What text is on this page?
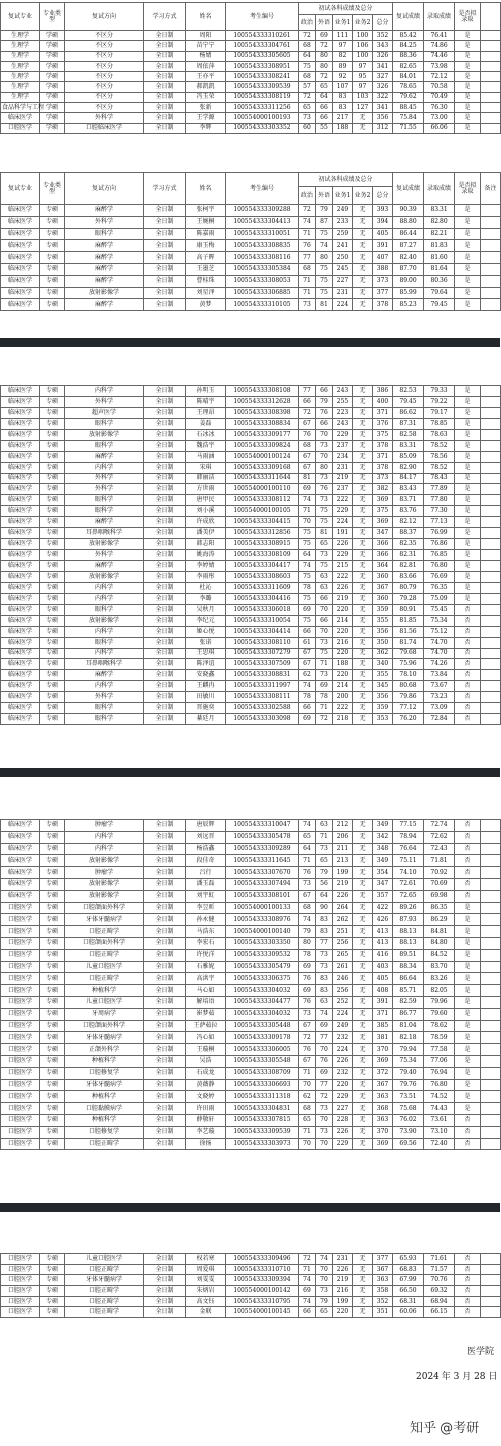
复试专业	专业类型	复试方向	学习方式	姓名	考生编号	初试各科成绩及总分					复试成绩	录取成绩	是否拟录取	
						政治	外语	业务1	业务2	总分				
生理学	学硕	不区分	全日制	周阳	100554333310261	72	69	111	100	352	85.42	76.41	是	
生理学	学硕	不区分	全日制	苗宁宁	100554333304761	68	72	97	106	343	84.25	74.86	是	
生理学	学硕	不区分	全日制	杨婧	100554333305605	64	80	82	100	326	88.36	74.46	是	
生理学	学硕	不区分	全日制	周依萍	100554333308951	75	80	89	97	341	82.65	73.98	是	
生理学	学硕	不区分	全日制	王亦平	100554333308241	68	72	92	95	327	84.01	72.12	是	
生理学	学硕	不区分	全日制	郝凯凯	100554333309539	57	65	107	97	326	78.65	70.58	是	
生理学	学硕	不区分	全日制	冯玉荣	100554333308119	72	64	83	103	322	79.62	70.49	是	
食品科学与工程	学硕	不区分	全日制	张新	100554333311256	65	66	83	127	341	88.45	76.30	是	
临床医学	学硕	外科学	全日制	王学源	100554000100193	73	66	217	无	356	75.84	73.00	是	
口腔医学	学硕	口腔临床医学	全日制	李辉	100554333303352	60	55	188	无	312	71.55	66.06	是	
复试专业	专业类型	复试方向	学习方式	姓名	考生编号	初试各科成绩及总分					复试成绩	录取成绩	是否拟录取	备注
						政治	外语	业务1	业务2	总分				
临床医学	专硕	麻醉学	全日制	张柯宇	100554333309288	72	79	249	无	393	90.39	83.31	是	
临床医学	专硕	外科学	全日制	王婉桐	100554333304413	74	87	233	无	394	88.80	82.80	是	
临床医学	专硕	眼科学	全日制	陈嘉雨	100554333310051	71	75	259	无	405	86.44	82.21	是	
临床医学	专硕	麻醉学	全日制	康玉梅	100554333308835	76	74	241	无	391	87.27	81.83	是	
临床医学	专硕	麻醉学	全日制	高子晖	100554333308116	77	80	250	无	407	82.40	81.60	是	
临床医学	专硕	麻醉学	全日制	王墨芝	100554333305384	68	75	245	无	388	87.70	81.64	是	
临床医学	专硕	麻醉学	全日制	曹桂珠	100554333308053	71	75	227	无	373	89.00	80.36	是	
临床医学	专硕	放射影像学	全日制	刘星泽	100554333306885	71	75	231	无	377	85.99	79.64	是	
临床医学	专硕	麻醉学	全日制	黄梦	100554333310105	73	81	224	无	378	85.23	79.45	是	
临床医学	专硕	内科学	全日制	孙明玉	100554333308108	77	66	243	无	386	82.53	79.33	是	
临床医学	专硕	外科学	全日制	陈晴宇	100554333312628	66	79	255	无	400	79.45	79.22	是	
临床医学	专硕	超声医学	全日制	王理昂	100554333308398	72	76	223	无	371	86.62	79.17	是	
临床医学	专硕	眼科学	全日制	姜磊	100554333308834	67	66	243	无	376	87.31	78.85	是	
临床医学	专硕	放射影像学	全日制	石冰冰	100554333309177	76	70	229	无	375	82.58	78.63	是	
临床医学	专硕	眼科学	全日制	魏浩宇	100554333309824	68	73	237	无	378	83.31	78.52	是	
临床医学	专硕	麻醉学	全日制	马雨涵	100554000100124	67	70	234	无	371	85.09	78.56	是	
临床医学	专硕	内科学	全日制	宋琪	100554333309168	67	80	231	无	378	82.90	78.52	是	
临床医学	专硕	外科学	全日制	韩丽洁	100554333311644	81	73	219	无	373	84.17	78.43	是	
临床医学	专硕	外科学	全日制	方世雨	100554000100110	69	76	237	无	382	83.43	77.89	是	
临床医学	专硕	眼科学	全日制	唐甲民	100554333308112	74	73	222	无	369	83.71	77.80	是	
临床医学	专硕	眼科学	全日制	刘小溪	100554000100105	71	75	229	无	375	83.76	77.30	是	
临床医学	专硕	麻醉学	全日制	许成欣	100554333304415	70	75	224	无	369	82.12	77.13	是	
临床医学	专硕	耳鼻咽喉科学	全日制	潘美伊	100554333312856	75	81	191	无	347	88.37	76.99	是	
临床医学	专硕	放射影像学	全日制	韩志阳	100554333308915	75	65	226	无	366	82.35	76.86	是	
临床医学	专硕	外科学	全日制	姚海涛	100554333308109	64	73	229	无	366	82.31	76.85	是	
临床医学	专硕	麻醉学	全日制	李婷婧	100554333304417	74	75	215	无	364	82.81	76.80	是	
临床医学	专硕	放射影像学	全日制	李雨彤	100554333308603	75	63	222	无	360	83.66	76.69	是	
临床医学	专硕	内科学	全日制	杜沁	100554333311609	78	63	226	无	367	80.79	76.35	是	
临床医学	专硕	内科学	全日制	李璐	100554333304416	75	66	219	无	360	79.28	75.09	是	
临床医学	专硕	眼科学	全日制	吴秋月	100554333306018	69	70	220	无	359	80.91	75.45	否	
临床医学	专硕	放射影像学	全日制	李纪元	100554333310054	75	66	214	无	355	81.85	75.34	否	
临床医学	专硕	内科学	全日制	姬心悦	100554333304414	66	70	220	无	356	81.56	75.12	否	
临床医学	专硕	眼科学	全日制	张诺	100554333308110	61	73	216	无	350	81.74	74.70	否	
临床医学	专硕	内科学	全日制	王思琪	100554333307279	67	75	220	无	362	79.68	74.70	否	
临床医学	专硕	耳鼻咽喉科学	全日制	陈泽谊	100554333307509	67	71	188	无	340	75.96	74.26	否	
临床医学	专硕	麻醉学	全日制	安晓鑫	100554333308831	62	73	220	无	355	78.10	73.84	否	
临床医学	专硕	内科学	全日制	王麒冉	100554333311997	74	69	214	无	345	80.68	73.67	否	
临床医学	专硕	外科学	全日制	田敏川	100554333308111	78	78	200	无	356	79.86	73.23	否	
临床医学	专硕	眼科学	全日制	晋施奕	100554333302588	66	71	222	无	359	77.12	73.09	否	
临床医学	专硕	眼科学	全日制	綦廷月	100554333303098	69	72	218	无	353	76.20	72.84	否	
临床医学	专硕	肿瘤学	全日制	唐辰辉	100554333310047	74	63	212	无	349	77.15	72.74	否	
临床医学	专硕	内科学	全日制	刘远晋	100554333305478	65	71	206	无	342	78.94	72.62	否	
临床医学	专硕	内科学	全日制	杨浩鑫	100554333309289	64	73	211	无	348	76.64	72.43	否	
临床医学	专硕	放射影像学	全日制	段佳奇	100554333311645	71	65	213	无	349	75.11	71.81	否	
临床医学	专硕	肿瘤学	全日制	吕行	100554333307670	76	79	199	无	354	74.10	70.92	否	
临床医学	专硕	放射影像学	全日制	潘玉磊	100554333307494	73	56	219	无	347	72.61	70.69	否	
临床医学	专硕	放射影像学	全日制	刘宇虹	100554333308101	67	64	226	无	357	72.65	69.98	否	
口腔医学	专硕	口腔颌面外科学	全日制	李昱昕	100554000100133	68	90	264	无	422	89.26	86.35	是	
口腔医学	专硕	牙体牙髓病学	全日制	孙永健	100554333308976	74	83	262	无	426	87.93	86.29	是	
口腔医学	专硕	口腔正畸学	全日制	马浩东	100554000100140	79	83	251	无	413	88.13	84.81	是	
口腔医学	专硕	口腔颌面外科学	全日制	李宏石	100554333303350	80	77	256	无	413	88.13	84.80	是	
口腔医学	专硕	口腔正畸学	全日制	许悦洋	100554333309532	78	73	265	无	416	89.51	84.52	是	
口腔医学	专硕	儿童口腔医学	全日制	石雅妮	100554333305479	69	73	261	无	403	88.34	83.70	是	
口腔医学	专硕	口腔正畸学	全日制	高洪宇	100554333306375	76	83	246	无	405	86.64	83.26	是	
口腔医学	专硕	种植科学	全日制	马心如	100554333304032	69	83	256	无	408	85.71	82.05	是	
口腔医学	专硕	儿童口腔医学	全日制	解培语	100554333304477	76	63	252	无	391	82.59	79.96	是	
口腔医学	专硕	牙周病学	全日制	崔梦茹	100554333304032	73	74	224	无	371	86.77	79.60	是	
口腔医学	专硕	口腔颌面外科学	全日制	王萨茹拉	100554333305448	67	69	249	无	385	81.04	78.62	是	
口腔医学	专硕	牙体牙髓病学	全日制	冯心如	100554333309178	72	77	232	无	381	82.18	78.59	是	
口腔医学	专硕	正颌外科学	全日制	王璇桐	100554333306005	76	70	224	无	370	79.94	77.58	是	
口腔医学	专硕	种植科学	全日制	吴浩	100554333305548	67	76	226	无	369	75.34	77.06	是	
口腔医学	专硕	口腔修复学	全日制	石成龙	100554333308709	71	69	232	无	372	79.40	76.94	是	
口腔医学	专硕	牙体牙髓病学	全日制	黄薇静	100554333306693	70	77	220	无	367	79.76	76.80	是	
口腔医学	专硕	种植科学	全日制	文晓婷	100554333311318	62	72	229	无	363	73.51	74.52	是	
口腔医学	专硕	口腔黏膜病学	全日制	许田雨	100554333304831	68	73	227	无	368	75.68	74.43	是	
口腔医学	专硕	种植科学	全日制	薛敬轩	100554333307815	65	70	228	无	363	76.02	73.61	否	
口腔医学	专硕	口腔修复学	全日制	李艺璇	100554333309539	71	73	226	无	370	73.90	73.10	否	
口腔医学	专硕	口腔正畸学	全日制	徐扬	100554333303973	70	70	229	无	369	69.56	72.40	否	
口腔医学	专硕	儿童口腔医学	全日制	权若寒	100554333309496	72	74	231	无	377	65.93	71.61	否	
口腔医学	专硕	口腔正畸学	全日制	周爱琪	100554333310710	71	70	226	无	367	68.83	71.57	否	
口腔医学	专硕	牙体牙髓病学	全日制	刘雯雯	100554333309394	74	70	219	无	363	67.99	70.76	否	
口腔医学	专硕	口腔正畸学	全日制	朱炳岩	100554000100142	69	73	216	无	358	66.50	69.32	否	
口腔医学	专硕	口腔正畸学	全日制	高文钰	100554333310795	74	79	199	无	352	68.31	68.94	否	
口腔医学	专硕	口腔正畸学	全日制	金联	100554000100145	66	65	220	无	351	60.06	66.15	否	
医学院
2024 年 3 月 28 日
知乎 @考研
